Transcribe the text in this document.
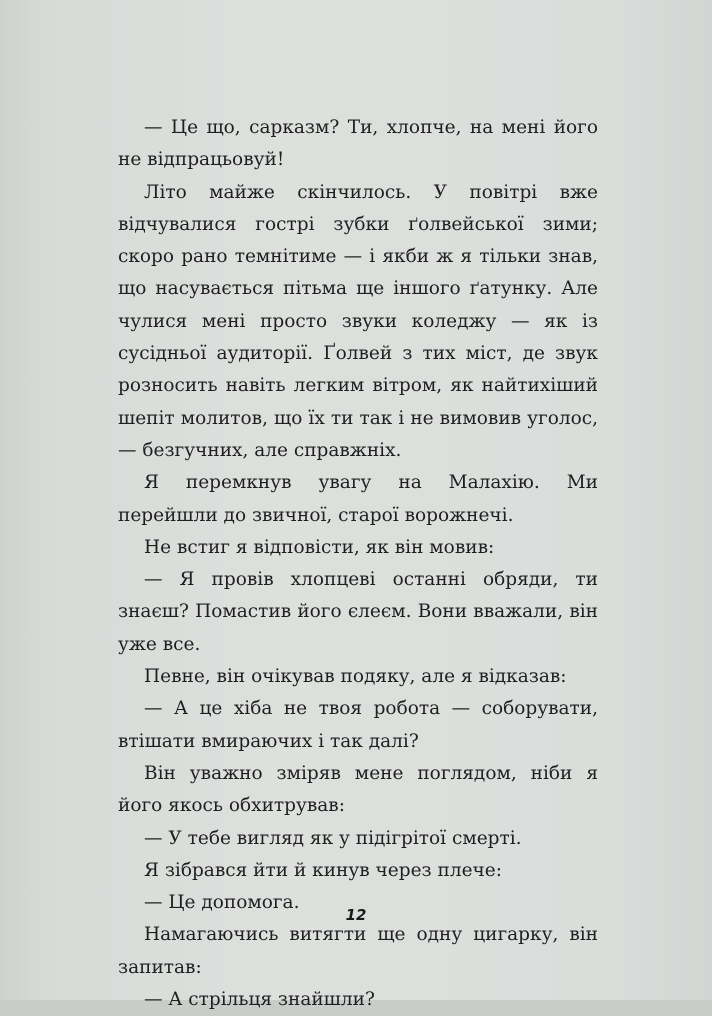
— Це що, сарказм? Ти, хлопче, на мені його не відпрацьовуй!

Літо майже скінчилось. У повітрі вже відчувалися гострі зубки ґолвейської зими; скоро рано темнітиме — і якби ж я тільки знав, що насувається пітьма ще іншого ґатунку. Але чулися мені просто звуки коледжу — як із сусідньої аудиторії. Ґолвей з тих міст, де звук розносить навіть легким вітром, як найтихіший шепіт молитов, що їх ти так і не вимовив уголос, — безгучних, але справжніх.

Я перемкнув увагу на Малахію. Ми перейшли до звичної, старої ворожнечі.

Не встиг я відповісти, як він мовив:

— Я провів хлопцеві останні обряди, ти знаєш? Помастив його єлеєм. Вони вважали, він уже все.

Певне, він очікував подяку, але я відказав:

— А це хіба не твоя робота — соборувати, втішати вмираючих і так далі?

Він уважно зміряв мене поглядом, ніби я його якось обхитрував:

— У тебе вигляд як у підігрітої смерті.

Я зібрався йти й кинув через плече:

— Це допомога.

Намагаючись витягти ще одну цигарку, він запитав:

— А стрільця знайшли?

12
